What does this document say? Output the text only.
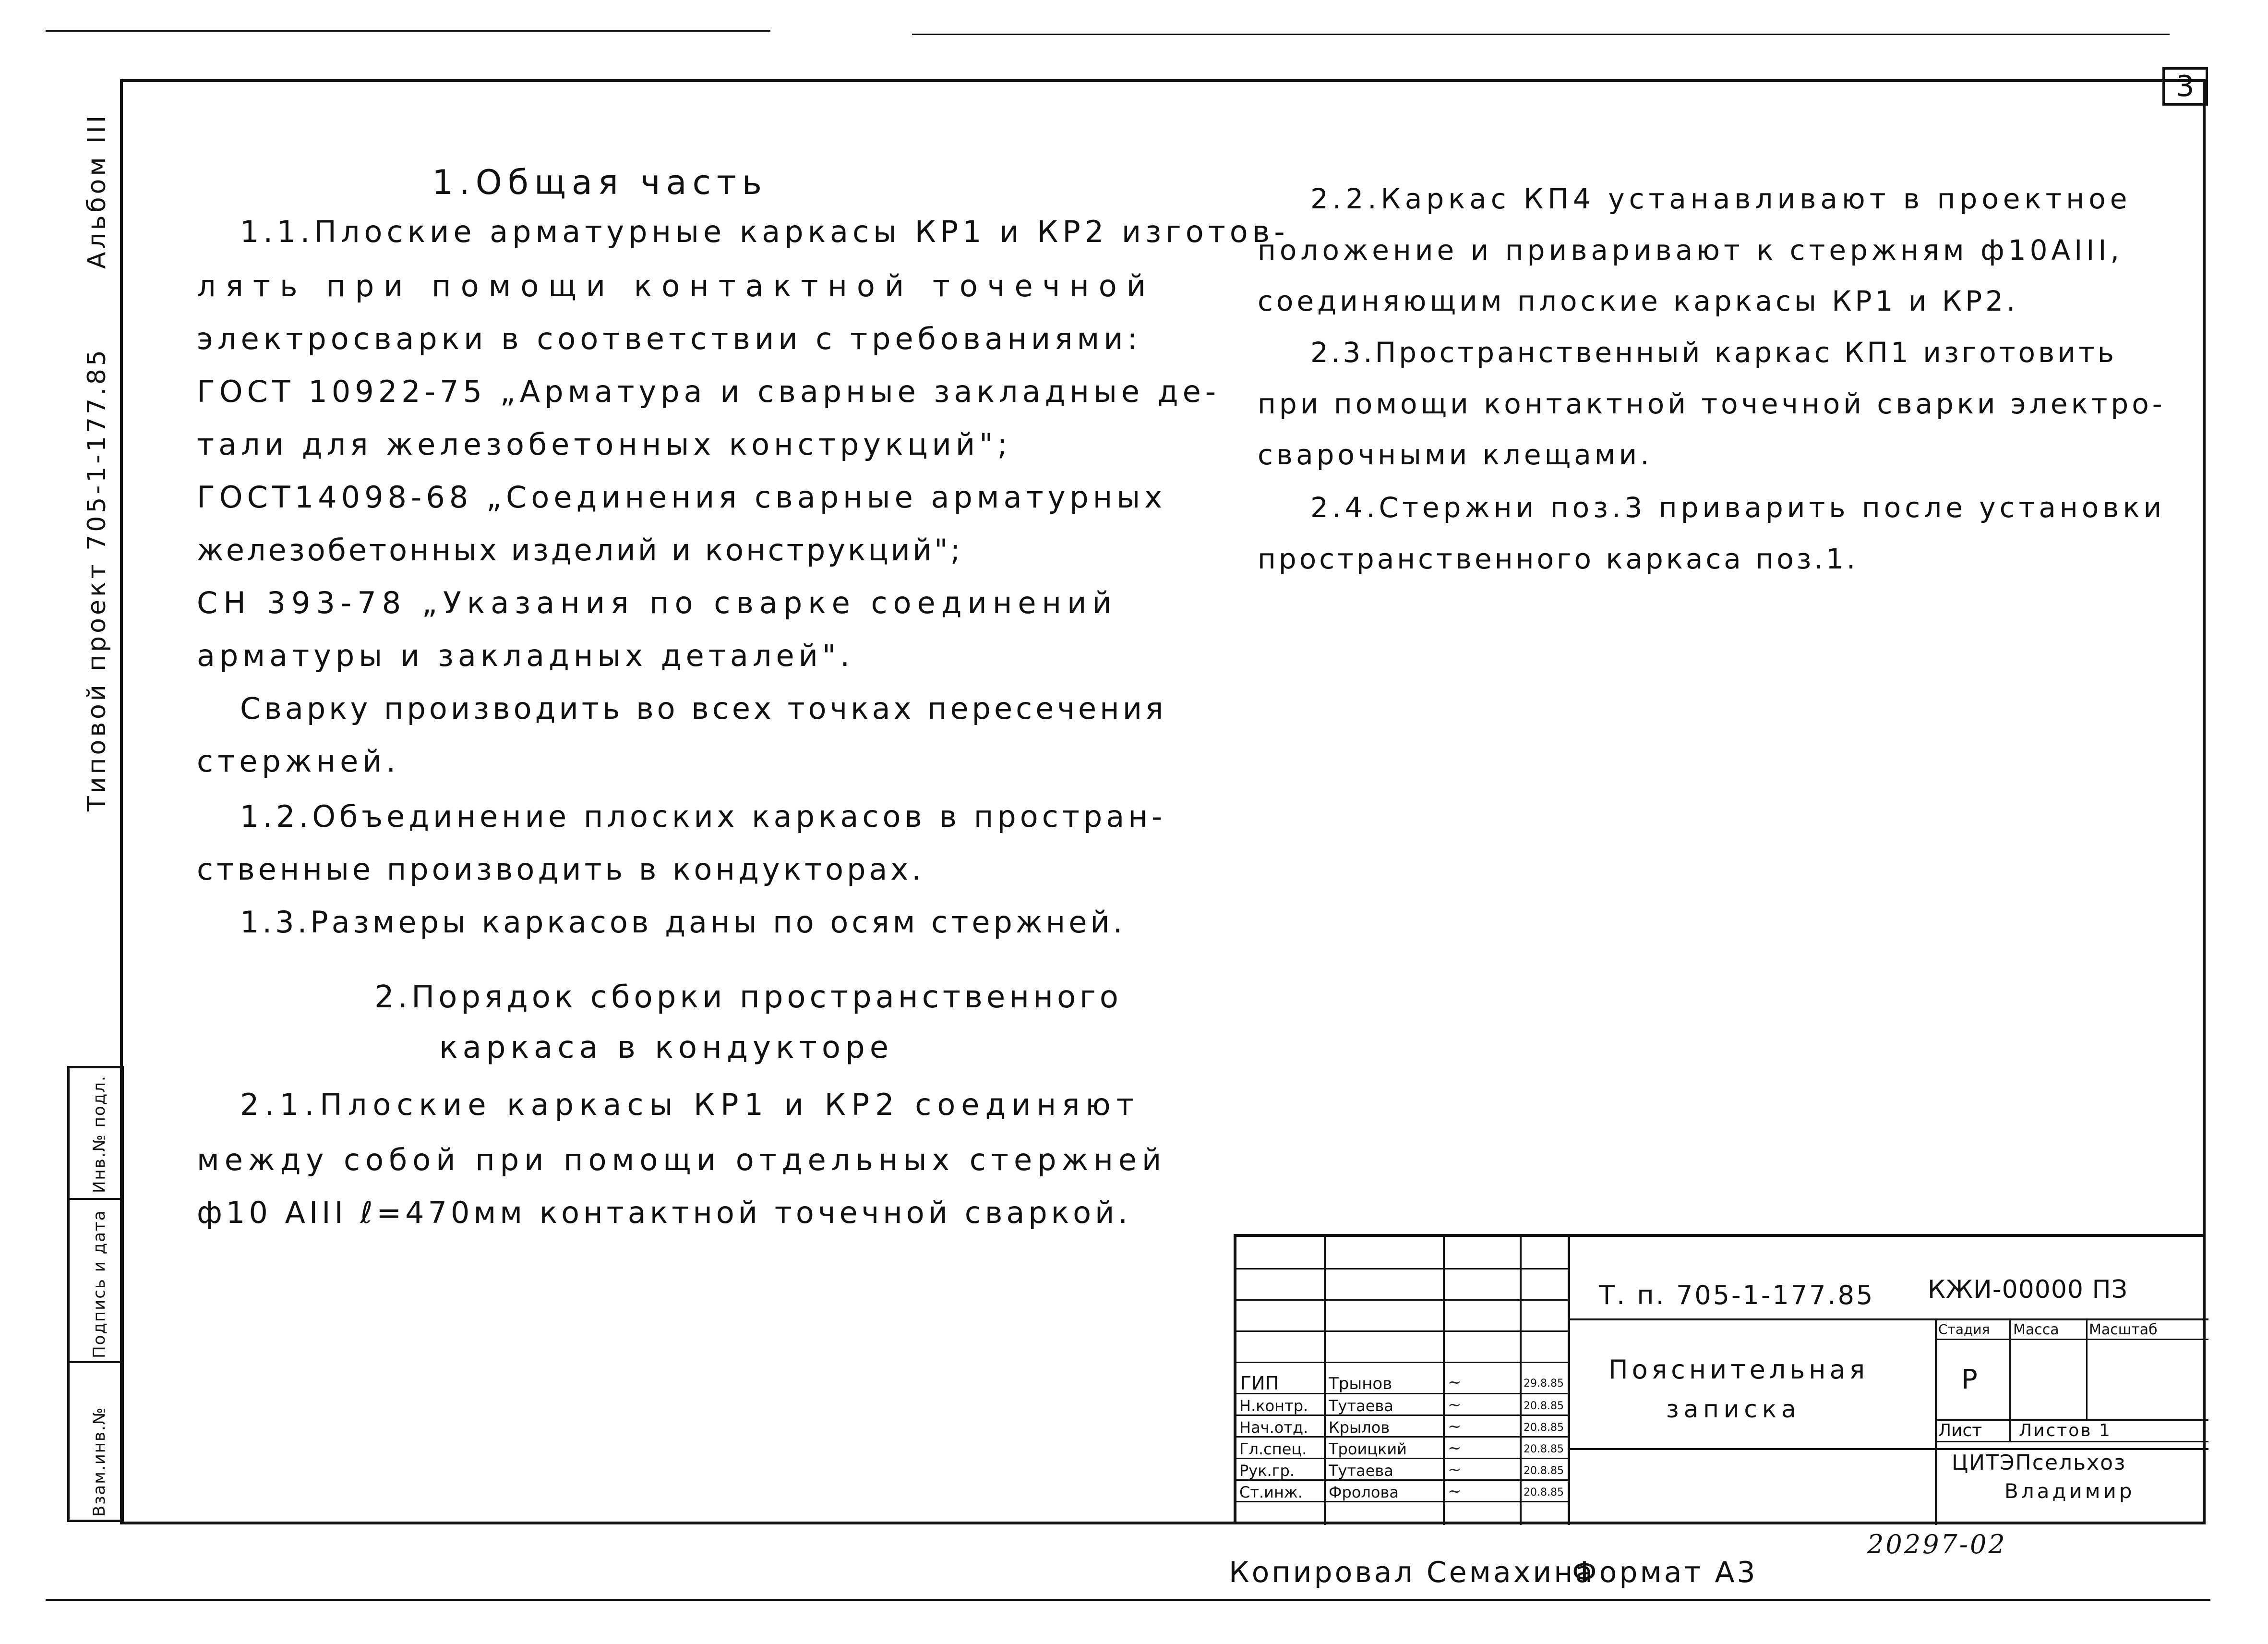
3
Альбом III
Типовой проект 705-1-177.85
Инв.№ подл.
Подпись и дата
Взам.инв.№
1.Общая часть
1.1.Плоские арматурные каркасы КР1 и КР2 изготов-
лять при помощи контактной точечной
электросварки в соответствии с требованиями:
ГОСТ 10922-75 „Арматура и сварные закладные де-
тали для железобетонных конструкций";
ГОСТ14098-68 „Соединения сварные арматурных
железобетонных изделий и конструкций";
СН 393-78 „Указания по сварке соединений
арматуры и закладных деталей".
Сварку производить во всех точках пересечения
стержней.
1.2.Объединение плоских каркасов в простран-
ственные производить в кондукторах.
1.3.Размеры каркасов даны по осям стержней.
2.Порядок сборки пространственного
каркаса в кондукторе
2.1.Плоские каркасы КР1 и КР2 соединяют
между собой при помощи отдельных стержней
ф10 АIII ℓ=470мм контактной точечной сваркой.
2.2.Каркас КП4 устанавливают в проектное
положение и приваривают к стержням ф10АIII,
соединяющим плоские каркасы КР1 и КР2.
2.3.Пространственный каркас КП1 изготовить
при помощи контактной точечной сварки электро-
сварочными клещами.
2.4.Стержни поз.3 приварить после установки
пространственного каркаса поз.1.
Т. п. 705-1-177.85 КЖИ-00000 ПЗ
Пояснительная
записка
Стадия Масса Масштаб
Р
Лист Листов 1
ЦИТЭПсельхоз
Владимир
ГИП	Трынов	~	29.8.85
Н.контр. Тутаева	~	20.8.85
Нач.отд. Крылов	~	20.8.85
Гл.спец. Троицкий	~	20.8.85
Рук.гр. Тутаева	~	20.8.85
Ст.инж. Фролова	~	20.8.85
20297-02
Копировал Семахина
Формат А3
